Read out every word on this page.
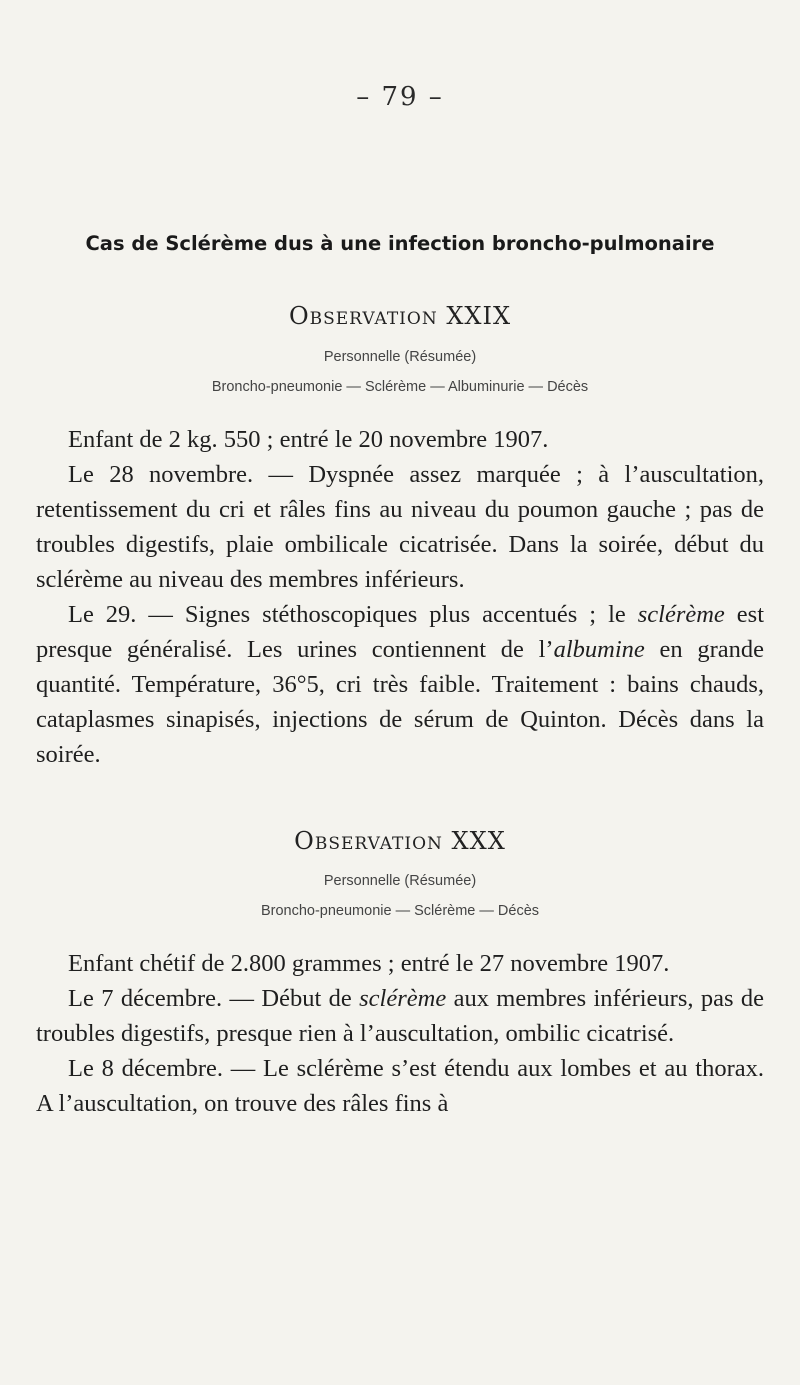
– 79 –
Cas de Sclérème dus à une infection broncho-pulmonaire
Observation XXIX
Personnelle (Résumée)
Broncho-pneumonie — Sclérème — Albuminurie — Décès

Enfant de 2 kg. 550 ; entré le 20 novembre 1907.

Le 28 novembre. — Dyspnée assez marquée ; à l’auscultation, retentissement du cri et râles fins au niveau du poumon gauche ; pas de troubles digestifs, plaie ombilicale cicatrisée. Dans la soirée, début du sclérème au niveau des membres inférieurs.

Le 29. — Signes stéthoscopiques plus accentués ; le sclérème est presque généralisé. Les urines contiennent de l’albumine en grande quantité. Température, 36°5, cri très faible. Traitement : bains chauds, cataplasmes sinapisés, injections de sérum de Quinton. Décès dans la soirée.

Observation XXX
Personnelle (Résumée)
Broncho-pneumonie — Sclérème — Décès

Enfant chétif de 2.800 grammes ; entré le 27 novembre 1907.

Le 7 décembre. — Début de sclérème aux membres inférieurs, pas de troubles digestifs, presque rien à l’auscultation, ombilic cicatrisé.

Le 8 décembre. — Le sclérème s’est étendu aux lombes et au thorax. A l’auscultation, on trouve des râles fins à
